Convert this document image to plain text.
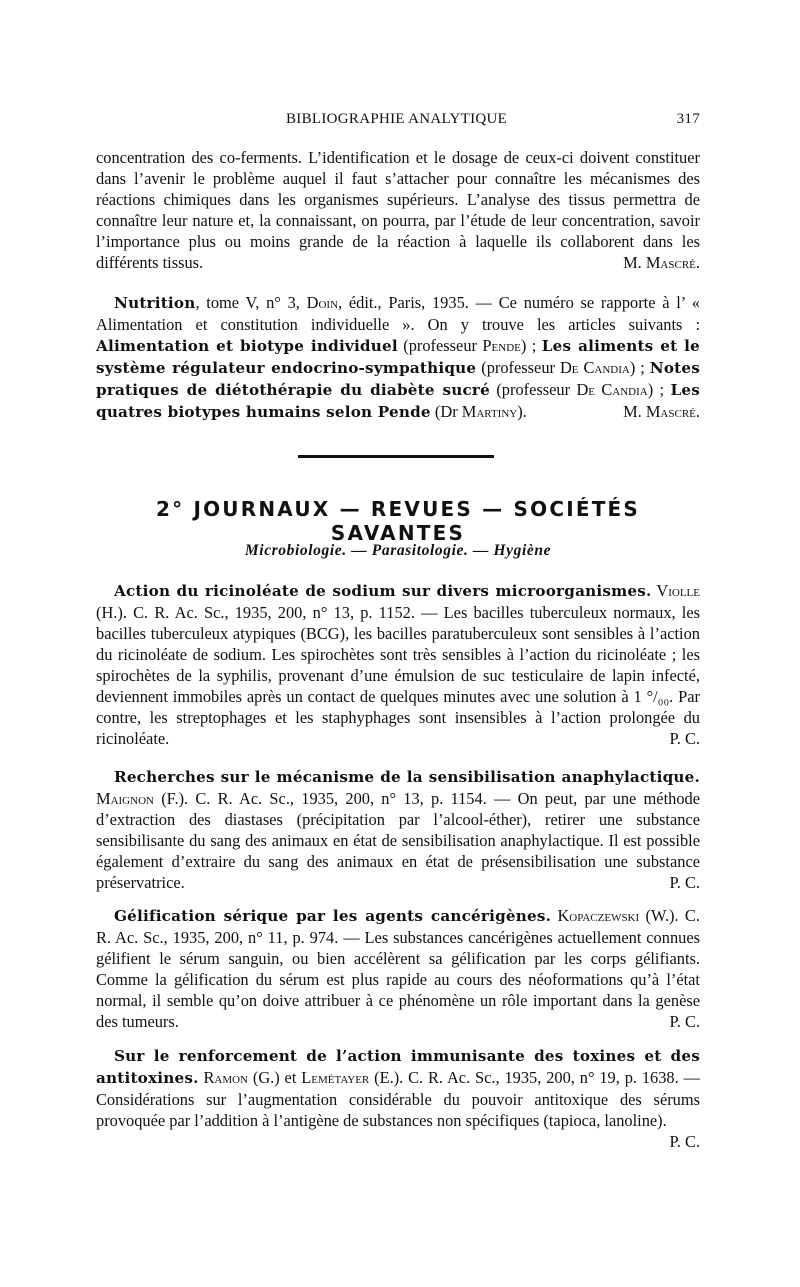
BIBLIOGRAPHIE ANALYTIQUE	317

concentration des co-ferments. L’identification et le dosage de ceux-ci doivent constituer dans l’avenir le problème auquel il faut s’attacher pour connaître les mécanismes des réactions chimiques dans les organismes supérieurs. L’analyse des tissus permettra de connaître leur nature et, la connaissant, on pourra, par l’étude de leur concentration, savoir l’importance plus ou moins grande de la réaction à laquelle ils collaborent dans les différents tissus.	M. Mascré.

Nutrition, tome V, n° 3, Doin, édit., Paris, 1935. — Ce numéro se rapporte à l’ « Alimentation et constitution individuelle ». On y trouve les articles suivants : Alimentation et biotype individuel (professeur Pende) ; Les aliments et le système régulateur endocrino-sympathique (professeur De Candia) ; Notes pratiques de diétothérapie du diabète sucré (professeur De Candia) ; Les quatres biotypes humains selon Pende (Dr Martiny).	M. Mascré.

2° JOURNAUX — REVUES — SOCIÉTÉS SAVANTES
Microbiologie. — Parasitologie. — Hygiène

Action du ricinoléate de sodium sur divers microorganismes. Violle (H.). C. R. Ac. Sc., 1935, 200, n° 13, p. 1152. — Les bacilles tuberculeux normaux, les bacilles tuberculeux atypiques (BCG), les bacilles paratuberculeux sont sensibles à l’action du ricinoléate de sodium. Les spirochètes sont très sensibles à l’action du ricinoléate ; les spirochètes de la syphilis, provenant d’une émulsion de suc testiculaire de lapin infecté, deviennent immobiles après un contact de quelques minutes avec une solution à 1 °/₀₀. Par contre, les streptophages et les staphyphages sont insensibles à l’action prolongée du ricinoléate.	P. C.

Recherches sur le mécanisme de la sensibilisation anaphylactique. Maignon (F.). C. R. Ac. Sc., 1935, 200, n° 13, p. 1154. — On peut, par une méthode d’extraction des diastases (précipitation par l’alcool-éther), retirer une substance sensibilisante du sang des animaux en état de sensibilisation anaphylactique. Il est possible également d’extraire du sang des animaux en état de présensibilisation une substance préservatrice.	P. C.

Gélification sérique par les agents cancérigènes. Kopaczewski (W.). C. R. Ac. Sc., 1935, 200, n° 11, p. 974. — Les substances cancérigènes actuellement connues gélifient le sérum sanguin, ou bien accélèrent sa gélification par les corps gélifiants. Comme la gélification du sérum est plus rapide au cours des néoformations qu’à l’état normal, il semble qu’on doive attribuer à ce phénomène un rôle important dans la genèse des tumeurs.	P. C.

Sur le renforcement de l’action immunisante des toxines et des antitoxines. Ramon (G.) et Lemétayer (E.). C. R. Ac. Sc., 1935, 200, n° 19, p. 1638. — Considérations sur l’augmentation considérable du pouvoir antitoxique des sérums provoquée par l’addition à l’antigène de substances non spécifiques (tapioca, lanoline).
P. C.
